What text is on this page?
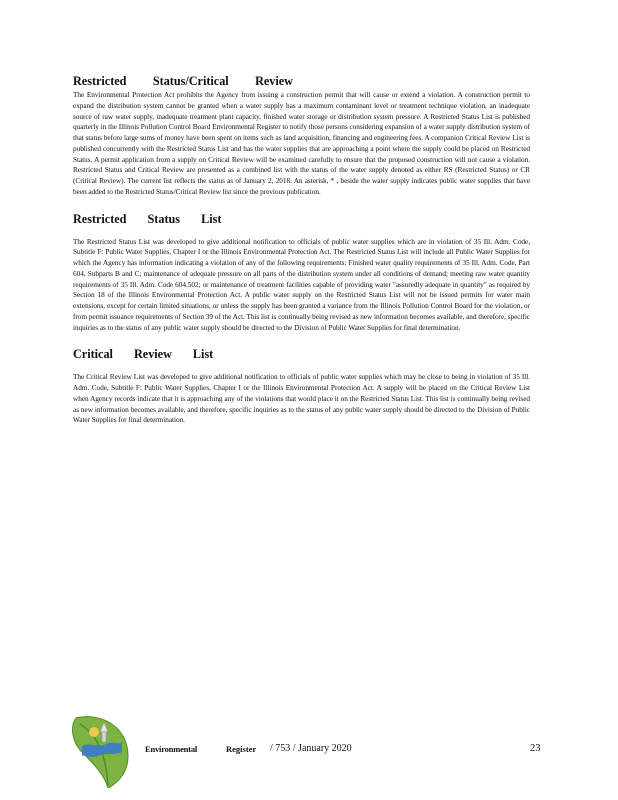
Restricted Status/Critical Review

The Environmental Protection Act prohibits the Agency from issuing a construction permit that will cause or extend a violation. A construction permit to expand the distribution system cannot be granted when a water supply has a maximum contaminant level or treatment technique violation, an inadequate source of raw water supply, inadequate treatment plant capacity, finished water storage or distribution system pressure. A Restricted Status List is published quarterly in the Illinois Pollution Control Board Environmental Register to notify those persons considering expansion of a water supply distribution system of that status before large sums of money have been spent on items such as land acquisition, financing and engineering fees. A companion Critical Review List is published concurrently with the Restricted Status List and has the water supplies that are approaching a point where the supply could be placed on Restricted Status. A permit application from a supply on Critical Review will be examined carefully to ensure that the proposed construction will not cause a violation. Restricted Status and Critical Review are presented as a combined list with the status of the water supply denoted as either RS (Restricted Status) or CR (Critical Review). The current list reflects the status as of January 2, 2018. An asterisk, * , beside the water supply indicates public water supplies that have been added to the Restricted Status/Critical Review list since the previous publication.

Restricted Status List

The Restricted Status List was developed to give additional notification to officials of public water supplies which are in violation of 35 Ill. Adm. Code, Subtitle F: Public Water Supplies, Chapter I or the Illinois Environmental Protection Act. The Restricted Status List will include all Public Water Supplies for which the Agency has information indicating a violation of any of the following requirements: Finished water quality requirements of 35 Ill. Adm. Code, Part 604, Subparts B and C; maintenance of adequate pressure on all parts of the distribution system under all conditions of demand; meeting raw water quantity requirements of 35 Ill. Adm. Code 604.502; or maintenance of treatment facilities capable of providing water "assuredly adequate in quantity" as required by Section 18 of the Illinois Environmental Protection Act. A public water supply on the Restricted Status List will not be issued permits for water main extensions, except for certain limited situations, or unless the supply has been granted a variance from the Illinois Pollution Control Board for the violation, or from permit issuance requirements of Section 39 of the Act. This list is continually being revised as new information becomes available, and therefore, specific inquiries as to the status of any public water supply should be directed to the Division of Public Water Supplies for final determination.

Critical Review List

The Critical Review List was developed to give additional notification to officials of public water supplies which may be close to being in violation of 35 Ill. Adm. Code, Subtitle F: Public Water Supplies, Chapter I or the Illinois Environmental Protection Act. A supply will be placed on the Critical Review List when Agency records indicate that it is approaching any of the violations that would place it on the Restricted Status List. This list is continually being revised as new information becomes available, and therefore, specific inquiries as to the status of any public water supply should be directed to the Division of Public Water Supplies for final determination.

Environmental	Register / 753 / January 2020	23
